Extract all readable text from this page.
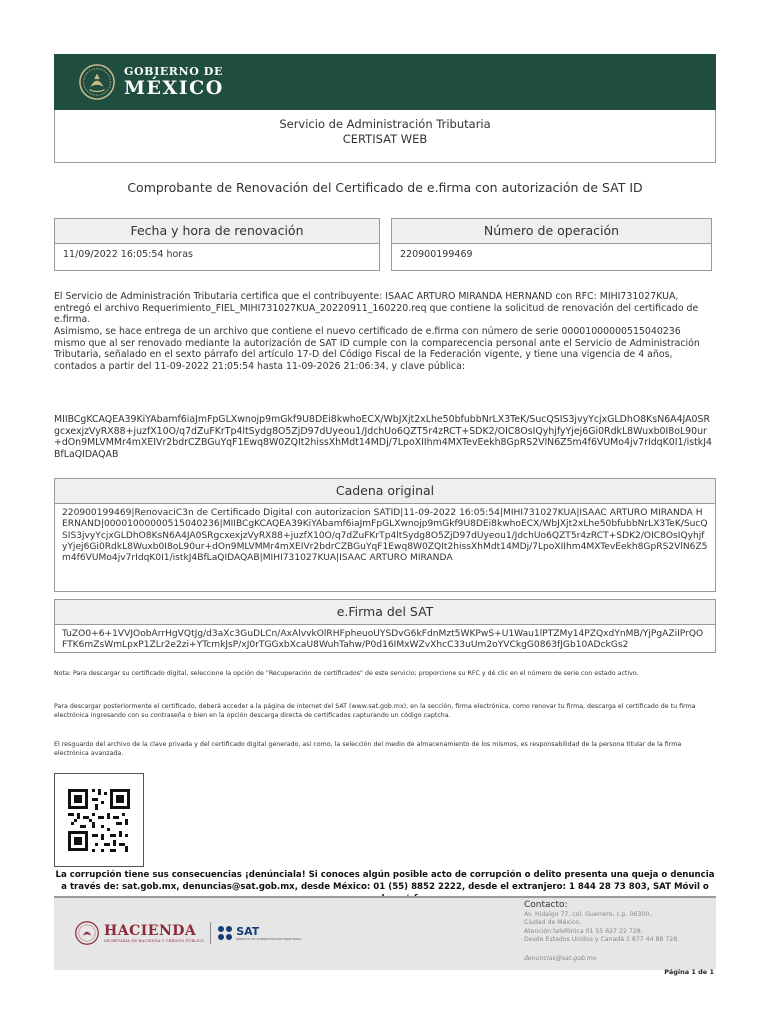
GOBIERNO DE
MÉXICO
Servicio de Administración Tributaria
CERTISAT WEB
Comprobante de Renovación del Certificado de e.firma con autorización de SAT ID
Fecha y hora de renovación
11/09/2022 16:05:54 horas
Número de operación
220900199469
El Servicio de Administración Tributaria certifica que el contribuyente: ISAAC ARTURO MIRANDA HERNAND con RFC: MIHI731027KUA, entregó el archivo Requerimiento_FIEL_MIHI731027KUA_20220911_160220.req que contiene la solicitud de renovación del certificado de e.firma.
Asimismo, se hace entrega de un archivo que contiene el nuevo certificado de e.firma con número de serie 00001000000515040236 mismo que al ser renovado mediante la autorización de SAT ID cumple con la comparecencia personal ante el Servicio de Administración Tributaria, señalado en el sexto párrafo del artículo 17-D del Código Fiscal de la Federación vigente, y tiene una vigencia de 4 años, contados a partir del 11-09-2022 21:05:54 hasta 11-09-2026 21:06:34, y clave pública:
MIIBCgKCAQEA39KiYAbamf6iaJmFpGLXwnojp9mGkf9U8DEi8kwhoECX/WbJXjt2xLhe50bfubbNrLX3TeK/SucQSIS3jvyYcjxGLDhO8KsN6A4JA0SRgcxexjzVyRX88+juzfX10O/q7dZuFKrTp4ltSydg8O5ZjD97dUyeou1/JdchUo6QZT5r4zRCT+SDK2/OIC8OsIQyhjfyYjej6Gi0RdkL8Wuxb0I8oL90ur+dOn9MLVMMr4mXEIVr2bdrCZBGuYqF1Ewq8W0ZQIt2hissXhMdt14MDj/7LpoXIIhm4MXTevEekh8GpRS2VlN6Z5m4f6VUMo4jv7rIdqK0I1/istkJ4BfLaQIDAQAB
Cadena original
220900199469|RenovaciC3n de Certificado Digital con autorizacion SATID|11-09-2022 16:05:54|MIHI731027KUA|ISAAC ARTURO MIRANDA HERNAND|00001000000515040236|MIIBCgKCAQEA39KiYAbamf6iaJmFpGLXwnojp9mGkf9U8DEi8kwhoECX/WbJXjt2xLhe50bfubbNrLX3TeK/SucQSIS3jvyYcjxGLDhO8KsN6A4JA0SRgcxexjzVyRX88+juzfX10O/q7dZuFKrTp4ltSydg8O5ZjD97dUyeou1/JdchUo6QZT5r4zRCT+SDK2/OIC8OsIQyhjfyYjej6Gi0RdkL8Wuxb0I8oL90ur+dOn9MLVMMr4mXEIVr2bdrCZBGuYqF1Ewq8W0ZQIt2hissXhMdt14MDj/7LpoXIIhm4MXTevEekh8GpRS2VlN6Z5m4f6VUMo4jv7rIdqK0I1/istkJ4BfLaQIDAQAB|MIHI731027KUA|ISAAC ARTURO MIRANDA
e.Firma del SAT
TuZO0+6+1VVJOobArrHgVQtJg/d3aXc3GuDLCn/AxAlvvkOlRHFpheuoUYSDvG6kFdnMzt5WKPwS+U1Wau1lPTZMy14PZQxdYnMB/YjPgAZiIPrQOFTK6mZsWmLpxP1ZLr2e2zi+YTcmkJsP/xJ0rTGGxbXcaU8WuhTahw/P0d16IMxWZvXhcC33uUm2oYVCkgG0863fJGb10ADckGs2
Nota: Para descargar su certificado digital, seleccione la opción de "Recuperación de certificados" de este servicio; proporcione su RFC y dé clic en el número de serie con estado activo.
Para descargar posteriormente el certificado, deberá acceder a la página de internet del SAT (www.sat.gob.mx), en la sección, firma electrónica, como renovar tu firma, descarga el certificado de tu firma electrónica ingresando con su contraseña o bien en la opción descarga directa de certificados capturando un código captcha.
El resguardo del archivo de la clave privada y del certificado digital generado, así como, la selección del medio de almacenamiento de los mismos, es responsabilidad de la persona titular de la firma electrónica avanzada.
La corrupción tiene sus consecuencias ¡denúnciala! Si conoces algún posible acto de corrupción o delito presenta una queja o denuncia a través de: sat.gob.mx, denuncias@sat.gob.mx, desde México: 01 (55) 8852 2222, desde el extranjero: 1 844 28 73 803, SAT Móvil o
HACIENDA
SECRETARÍA DE HACIENDA Y CRÉDITO PÚBLICO
SAT
SERVICIO DE ADMINISTRACIÓN TRIBUTARIA
Contacto:
Av. Hidalgo 77, col. Guerrero, c.p. 06300,
Ciudad de México.
Atención telefónica 01 55 627 22 728.
Desde Estados Unidos y Canadá 1 877 44 88 728.
denuncias@sat.gob.mx
Página 1 de 1
